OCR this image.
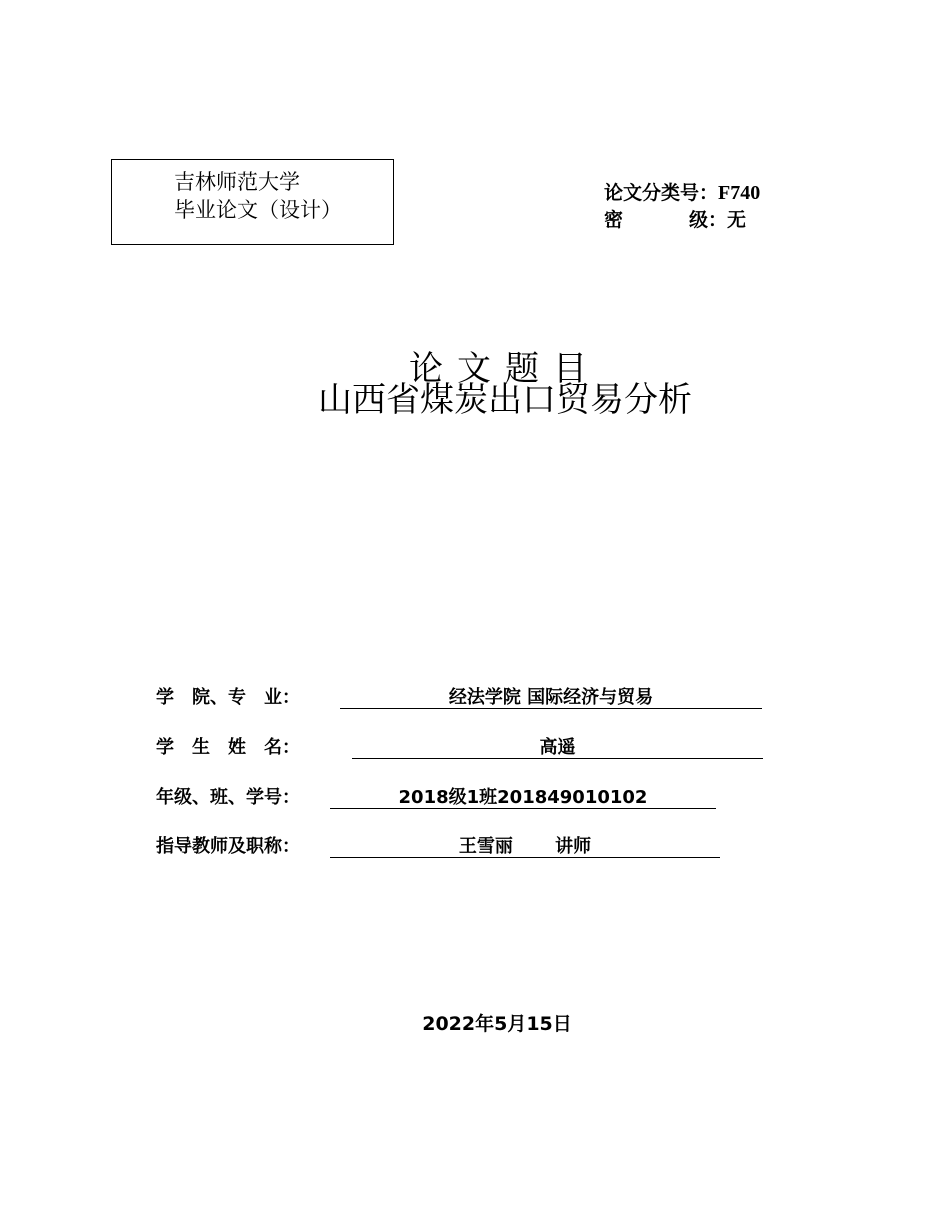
吉林师范大学
毕业论文（设计）
论文分类号：F740
密	级：无
论文题目
山西省煤炭出口贸易分析
学　院、专　业：	经法学院 国际经济与贸易
学　生　姓　名：	高遥
年级、班、学号：	2018级1班201849010102
指导教师及职称：	王雪丽　　 讲师
2022年5月15日
